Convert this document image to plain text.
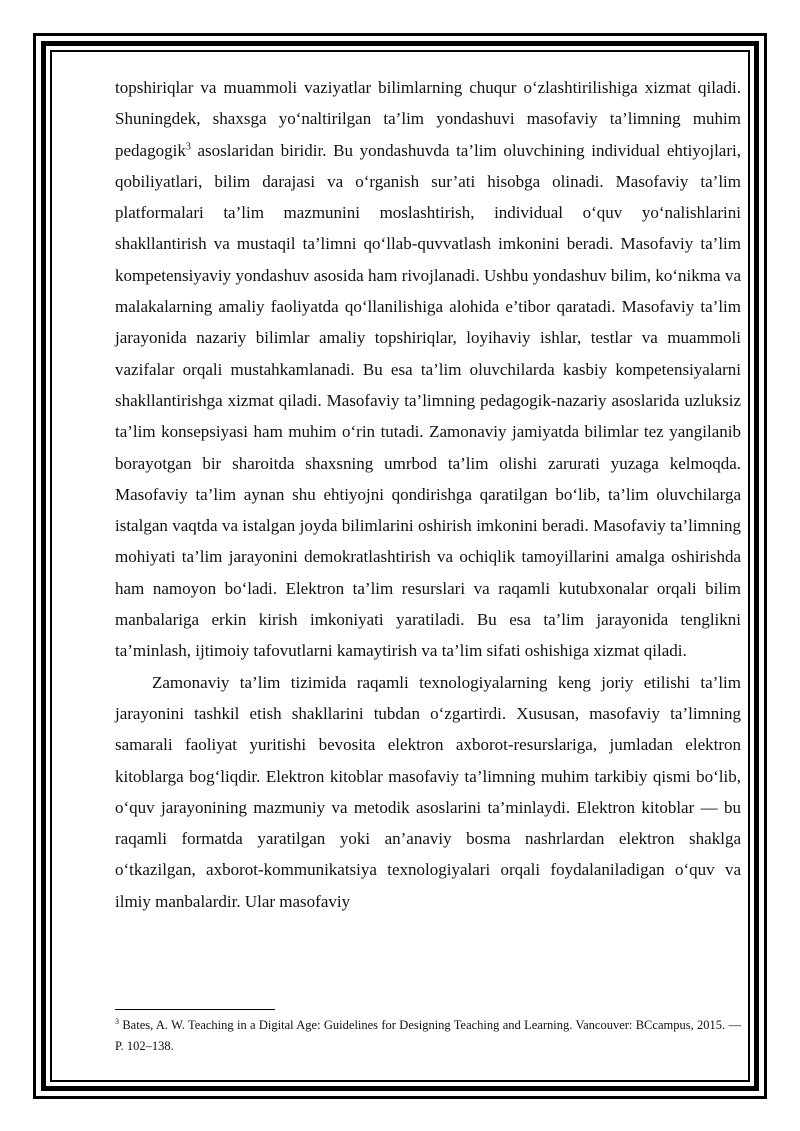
topshiriqlar va muammoli vaziyatlar bilimlarning chuqur o‘zlashtirilishiga xizmat qiladi. Shuningdek, shaxsga yo‘naltirilgan ta’lim yondashuvi masofaviy ta’limning muhim pedagogik$^3$ asoslaridan biridir. Bu yondashuvda ta’lim oluvchining individual ehtiyojlari, qobiliyatlari, bilim darajasi va o‘rganish sur’ati hisobga olinadi. Masofaviy ta’lim platformalari ta’lim mazmunini moslashtirish, individual o‘quv yo‘nalishlarini shakllantirish va mustaqil ta’limni qo‘llab-quvvatlash imkonini beradi. Masofaviy ta’lim kompetensiyaviy yondashuv asosida ham rivojlanadi. Ushbu yondashuv bilim, ko‘nikma va malakalarning amaliy faoliyatda qo‘llanilishiga alohida e’tibor qaratadi. Masofaviy ta’lim jarayonida nazariy bilimlar amaliy topshiriqlar, loyihaviy ishlar, testlar va muammoli vazifalar orqali mustahkamlanadi. Bu esa ta’lim oluvchilarda kasbiy kompetensiyalarni shakllantirishga xizmat qiladi. Masofaviy ta’limning pedagogik-nazariy asoslarida uzluksiz ta’lim konsepsiyasi ham muhim o‘rin tutadi. Zamonaviy jamiyatda bilimlar tez yangilanib borayotgan bir sharoitda shaxsning umrbod ta’lim olishi zarurati yuzaga kelmoqda. Masofaviy ta’lim aynan shu ehtiyojni qondirishga qaratilgan bo‘lib, ta’lim oluvchilarga istalgan vaqtda va istalgan joyda bilimlarini oshirish imkonini beradi. Masofaviy ta’limning mohiyati ta’lim jarayonini demokratlashtirish va ochiqlik tamoyillarini amalga oshirishda ham namoyon bo‘ladi. Elektron ta’lim resurslari va raqamli kutubxonalar orqali bilim manbalariga erkin kirish imkoniyati yaratiladi. Bu esa ta’lim jarayonida tenglikni ta’minlash, ijtimoiy tafovutlarni kamaytirish va ta’lim sifati oshishiga xizmat qiladi.

Zamonaviy ta’lim tizimida raqamli texnologiyalarning keng joriy etilishi ta’lim jarayonini tashkil etish shakllarini tubdan o‘zgartirdi. Xususan, masofaviy ta’limning samarali faoliyat yuritishi bevosita elektron axborot-resurslariga, jumladan elektron kitoblarga bog‘liqdir. Elektron kitoblar masofaviy ta’limning muhim tarkibiy qismi bo‘lib, o‘quv jarayonining mazmuniy va metodik asoslarini ta’minlaydi. Elektron kitoblar — bu raqamli formatda yaratilgan yoki an’anaviy bosma nashrlardan elektron shaklga o‘tkazilgan, axborot-kommunikatsiya texnologiyalari orqali foydalaniladigan o‘quv va ilmiy manbalardir. Ular masofaviy

$^3$ Bates, A. W. Teaching in a Digital Age: Guidelines for Designing Teaching and Learning. Vancouver: BCcampus, 2015. — P. 102–138.
